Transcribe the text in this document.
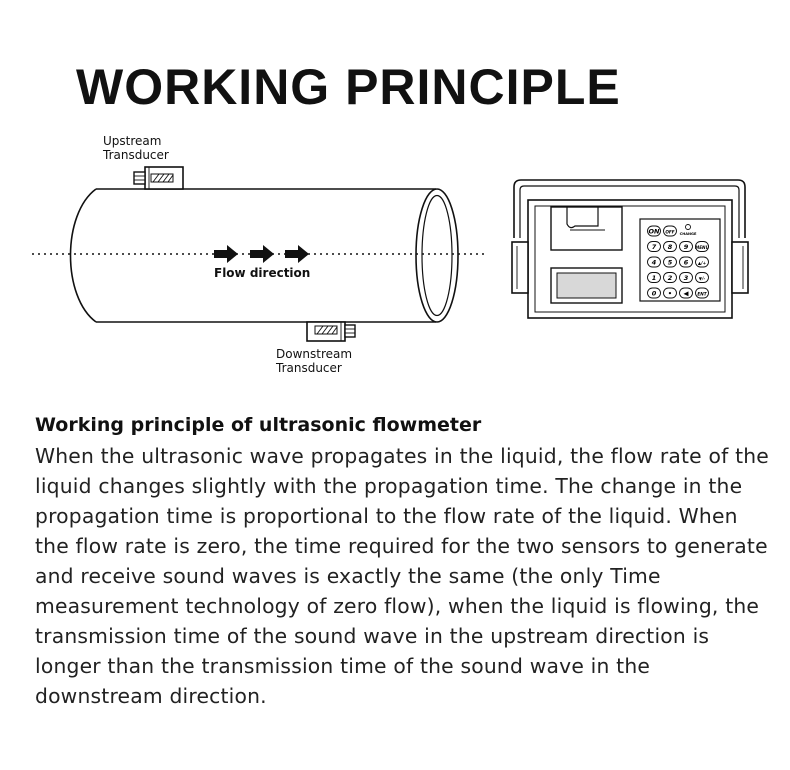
WORKING PRINCIPLE
Upstream
Transducer
Downstream
Transducer
Flow direction
ON OFF CHANGE
7 8 9 MENU
4 5 6 ▲/+
1 2 3 ▼/-
0 • ◀ ENT
Working principle of ultrasonic flowmeter

When the ultrasonic wave propagates in the liquid, the flow rate of the liquid changes slightly with the propagation time. The change in the propagation time is proportional to the flow rate of the liquid. When the flow rate is zero, the time required for the two sensors to generate and receive sound waves is exactly the same (the only Time measurement technology of zero flow), when the liquid is flowing, the transmission time of the sound wave in the upstream direction is longer than the transmission time of the sound wave in the downstream direction.
